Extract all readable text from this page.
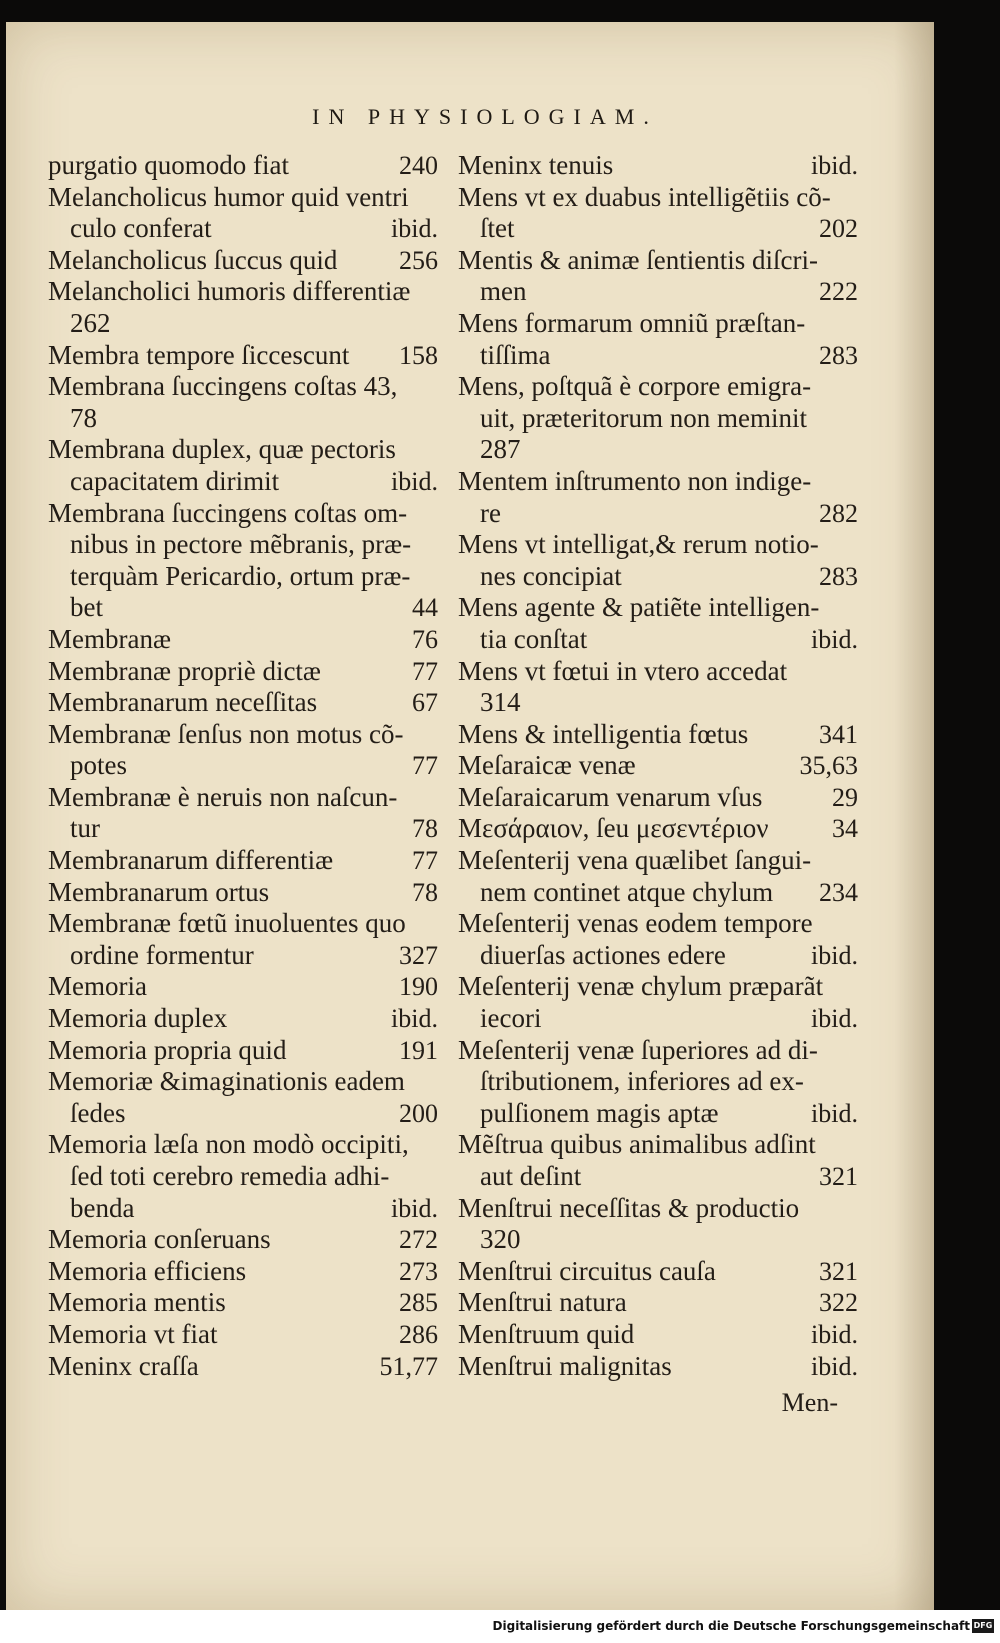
IN PHYSIOLOGIAM.
purgatio quomodo fiat	240
Melancholicus humor quid ventri
culo conferat	ibid.
Melancholicus ſuccus quid	256
Melancholici humoris differentiæ
262
Membra tempore ſiccescunt	158
Membrana ſuccingens coſtas 43,
78
Membrana duplex, quæ pectoris
capacitatem dirimit	ibid.
Membrana ſuccingens coſtas om-
nibus in pectore mẽbranis, præ-
terquàm Pericardio, ortum præ-
bet	44
Membranæ	76
Membranæ propriè dictæ	77
Membranarum neceſſitas	67
Membranæ ſenſus non motus cõ-
potes	77
Membranæ è neruis non naſcun-
tur	78
Membranarum differentiæ	77
Membranarum ortus	78
Membranæ fœtũ inuoluentes quo
ordine formentur	327
Memoria	190
Memoria duplex	ibid.
Memoria propria quid	191
Memoriæ &imaginationis eadem
ſedes	200
Memoria læſa non modò occipiti,
ſed toti cerebro remedia adhi-
benda	ibid.
Memoria conſeruans	272
Memoria efficiens	273
Memoria mentis	285
Memoria vt fiat	286
Meninx craſſa	51,77
Meninx tenuis	ibid.
Mens vt ex duabus intelligẽtiis cõ-
ſtet	202
Mentis & animæ ſentientis diſcri-
men	222
Mens formarum omniũ præſtan-
tiſſima	283
Mens, poſtquã è corpore emigra-
uit, præteritorum non meminit
287
Mentem inſtrumento non indige-
re	282
Mens vt intelligat,& rerum notio-
nes concipiat	283
Mens agente & patiẽte intelligen-
tia conſtat	ibid.
Mens vt fœtui in vtero accedat
314
Mens & intelligentia fœtus	341
Meſaraicæ venæ	35,63
Meſaraicarum venarum vſus	29
Μεσάραιον, ſeu μεσεντέριον	34
Meſenterij vena quælibet ſangui-
nem continet atque chylum	234
Meſenterij venas eodem tempore
diuerſas actiones edere	ibid.
Meſenterij venæ chylum præparãt
iecori	ibid.
Meſenterij venæ ſuperiores ad di-
ſtributionem, inferiores ad ex-
pulſionem magis aptæ	ibid.
Mẽſtrua quibus animalibus adſint
aut deſint	321
Menſtrui neceſſitas & productio
320
Menſtrui circuitus cauſa	321
Menſtrui natura	322
Menſtruum quid	ibid.
Menſtrui malignitas	ibid.
Men-
Digitalisierung gefördert durch die Deutsche Forschungsgemeinschaft DFG
